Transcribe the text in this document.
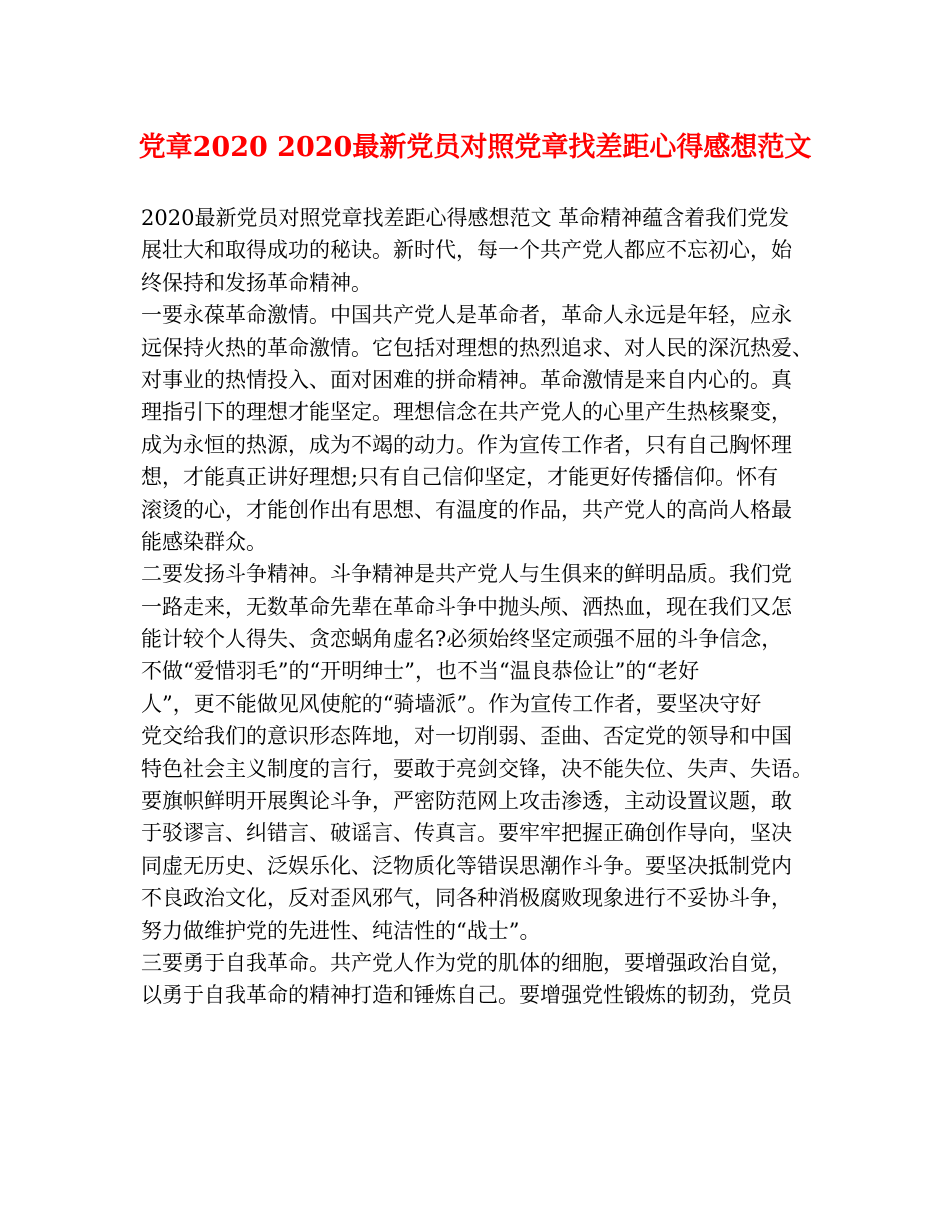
党章2020 2020最新党员对照党章找差距心得感想范文

2020最新党员对照党章找差距心得感想范文 革命精神蕴含着我们党发

展壮大和取得成功的秘诀。新时代，每一个共产党人都应不忘初心，始

终保持和发扬革命精神。

一要永葆革命激情。中国共产党人是革命者，革命人永远是年轻，应永

远保持火热的革命激情。它包括对理想的热烈追求、对人民的深沉热爱、

对事业的热情投入、面对困难的拼命精神。革命激情是来自内心的。真

理指引下的理想才能坚定。理想信念在共产党人的心里产生热核聚变，

成为永恒的热源，成为不竭的动力。作为宣传工作者，只有自己胸怀理

想，才能真正讲好理想;只有自己信仰坚定，才能更好传播信仰。怀有

滚烫的心，才能创作出有思想、有温度的作品，共产党人的高尚人格最

能感染群众。

二要发扬斗争精神。斗争精神是共产党人与生俱来的鲜明品质。我们党

一路走来，无数革命先辈在革命斗争中抛头颅、洒热血，现在我们又怎

能计较个人得失、贪恋蜗角虚名?必须始终坚定顽强不屈的斗争信念，

不做“爱惜羽毛”的“开明绅士”，也不当“温良恭俭让”的“老好

人”，更不能做见风使舵的“骑墙派”。作为宣传工作者，要坚决守好

党交给我们的意识形态阵地，对一切削弱、歪曲、否定党的领导和中国

特色社会主义制度的言行，要敢于亮剑交锋，决不能失位、失声、失语。

要旗帜鲜明开展舆论斗争，严密防范网上攻击渗透，主动设置议题，敢

于驳谬言、纠错言、破谣言、传真言。要牢牢把握正确创作导向，坚决

同虚无历史、泛娱乐化、泛物质化等错误思潮作斗争。要坚决抵制党内

不良政治文化，反对歪风邪气，同各种消极腐败现象进行不妥协斗争，

努力做维护党的先进性、纯洁性的“战士”。

三要勇于自我革命。共产党人作为党的肌体的细胞，要增强政治自觉，

以勇于自我革命的精神打造和锤炼自己。要增强党性锻炼的韧劲，党员
